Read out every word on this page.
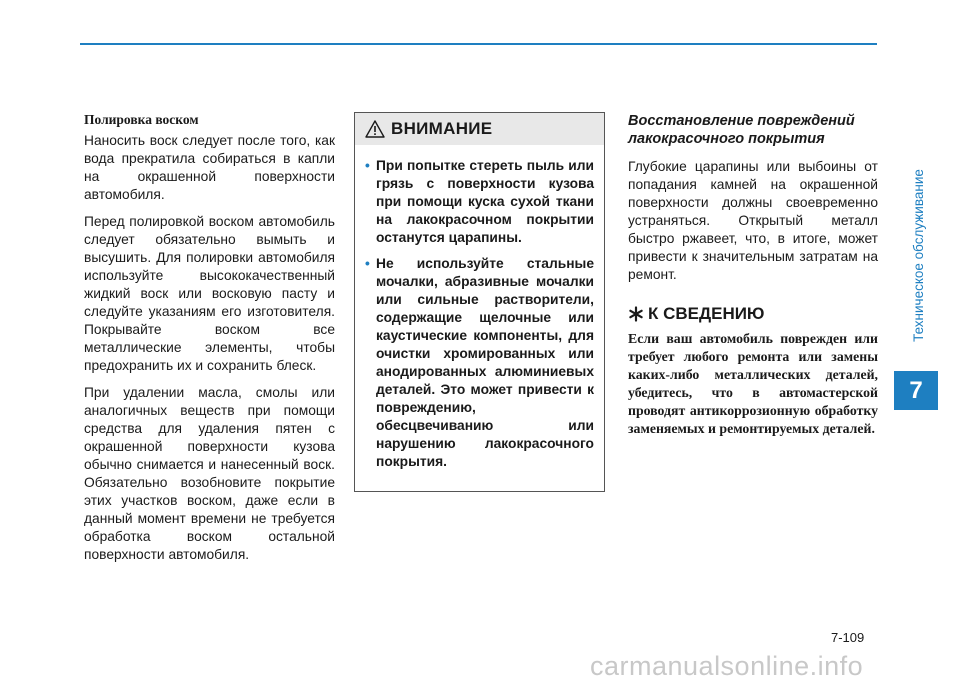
Техническое обслуживание
7
Полировка воском

Наносить воск следует после того, как вода прекратила собираться в капли на окрашенной поверхности автомобиля.

Перед полировкой воском автомобиль следует обязательно вымыть и высушить. Для полировки автомобиля используйте высококачественный жидкий воск или восковую пасту и следуйте указаниям его изготовителя. Покрывайте воском все металлические элементы, чтобы предохранить их и сохранить блеск.

При удалении масла, смолы или аналогичных веществ при помощи средства для удаления пятен с окрашенной поверхности кузова обычно снимается и нанесенный воск. Обязательно возобновите покрытие этих участков воском, даже если в данный момент времени не требуется обработка воском остальной поверхности автомобиля.

ВНИМАНИЕ
• При попытке стереть пыль или грязь с поверхности кузова при помощи куска сухой ткани на лакокрасочном покрытии останутся царапины.
• Не используйте стальные мочалки, абразивные мочалки или сильные растворители, содержащие щелочные или каустические компоненты, для очистки хромированных или анодированных алюминиевых деталей. Это может привести к повреждению, обесцвечиванию или нарушению лакокрасочного покрытия.
Восстановление повреждений лакокрасочного покрытия

Глубокие царапины или выбоины от попадания камней на окрашенной поверхности должны своевременно устраняться. Открытый металл быстро ржавеет, что, в итоге, может привести к значительным затратам на ремонт.

К СВЕДЕНИЮ

Если ваш автомобиль поврежден или требует любого ремонта или замены каких-либо металлических деталей, убедитесь, что в автомастерской проводят антикоррозионную обработку заменяемых и ремонтируемых деталей.

7-109
carmanualsonline.info
